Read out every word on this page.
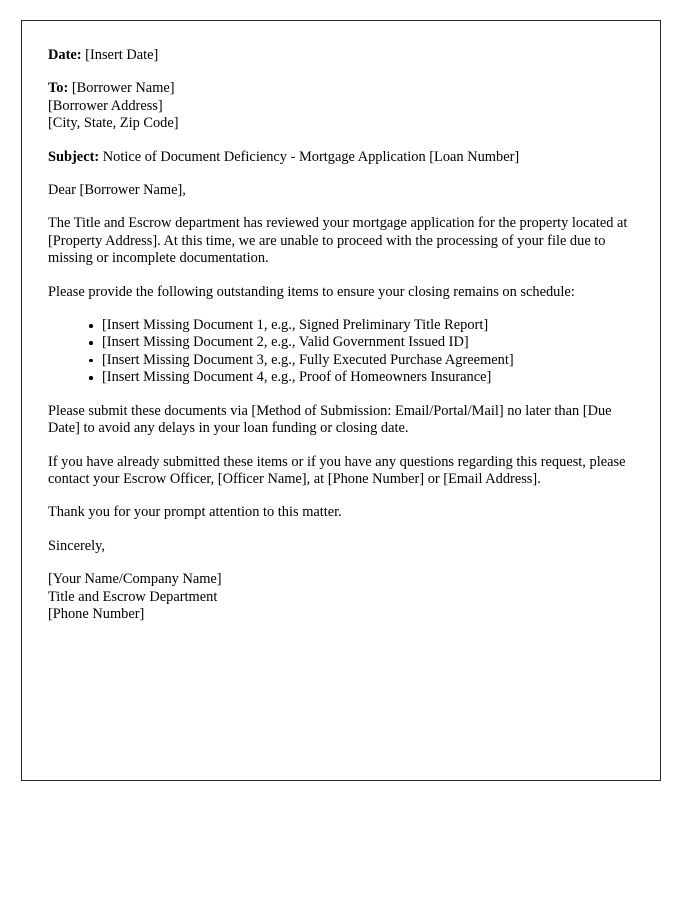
Date: [Insert Date]
To: [Borrower Name]
[Borrower Address]
[City, State, Zip Code]
Subject: Notice of Document Deficiency - Mortgage Application [Loan Number]
Dear [Borrower Name],

The Title and Escrow department has reviewed your mortgage application for the property located at [Property Address]. At this time, we are unable to proceed with the processing of your file due to missing or incomplete documentation.

Please provide the following outstanding items to ensure your closing remains on schedule:

[Insert Missing Document 1, e.g., Signed Preliminary Title Report]
[Insert Missing Document 2, e.g., Valid Government Issued ID]
[Insert Missing Document 3, e.g., Fully Executed Purchase Agreement]
[Insert Missing Document 4, e.g., Proof of Homeowners Insurance]

Please submit these documents via [Method of Submission: Email/Portal/Mail] no later than [Due Date] to avoid any delays in your loan funding or closing date.

If you have already submitted these items or if you have any questions regarding this request, please contact your Escrow Officer, [Officer Name], at [Phone Number] or [Email Address].

Thank you for your prompt attention to this matter.

Sincerely,
[Your Name/Company Name]
Title and Escrow Department
[Phone Number]
